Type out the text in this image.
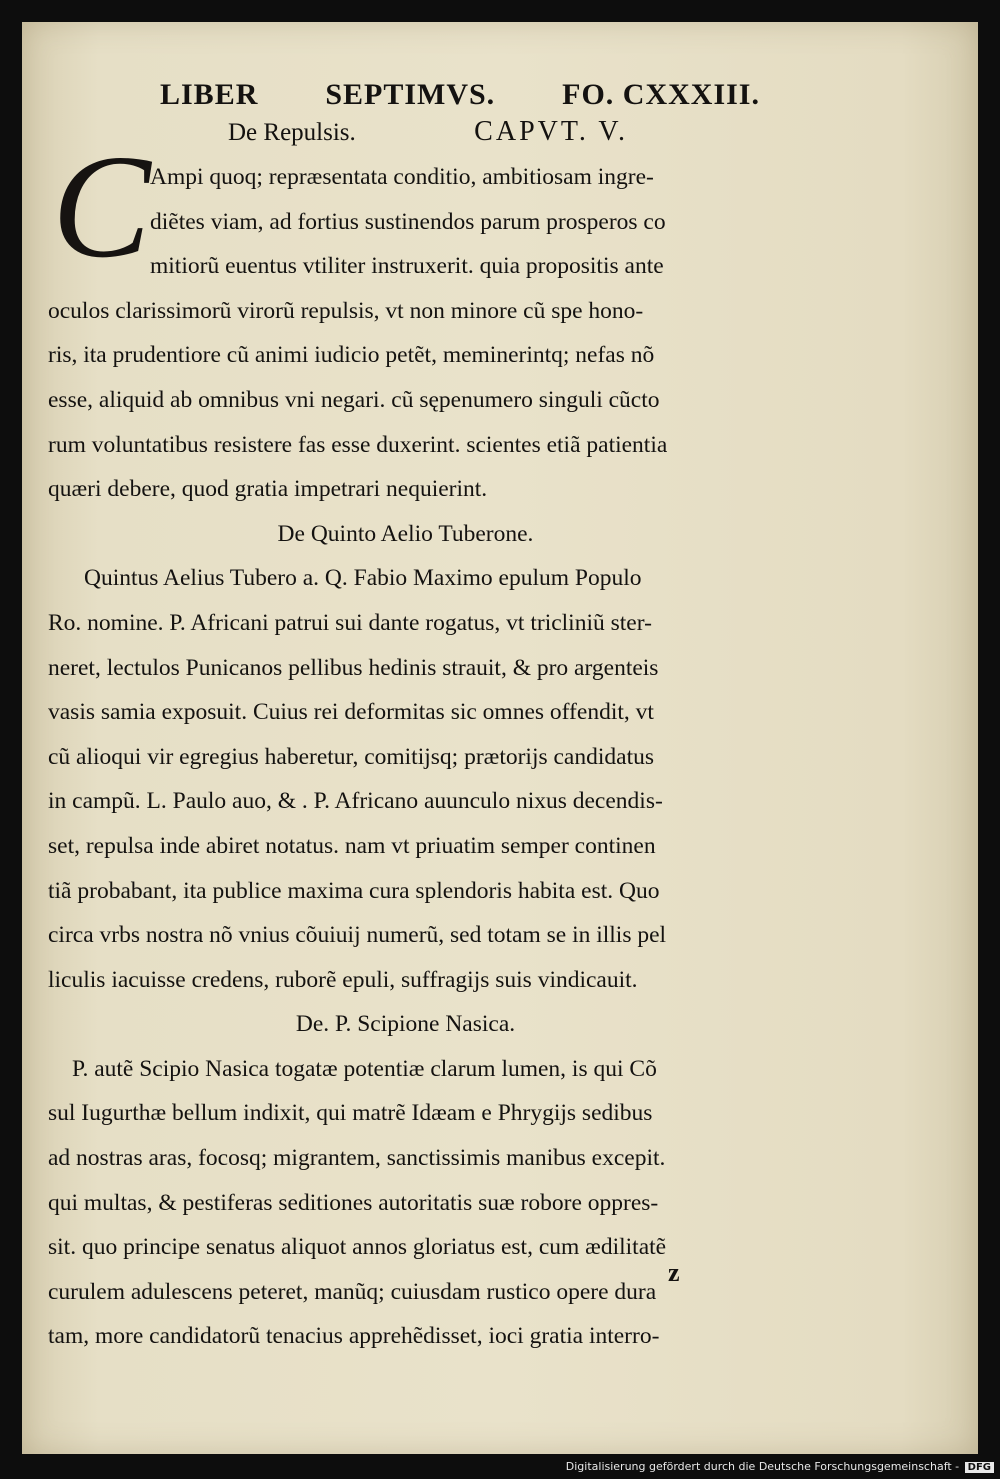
LIBER SEPTIMVS. FO. CXXXIII.
De Repulsis.	CAPVT. V.
C Ampi quoq; repræsentata conditio, ambitiosam ingre-
diẽtes viam, ad fortius sustinendos parum prosperos co
mitiorũ euentus vtiliter instruxerit. quia propositis ante
oculos clarissimorũ virorũ repulsis, vt non minore cũ spe hono-
ris, ita prudentiore cũ animi iudicio petẽt, meminerintq; nefas nõ
esse, aliquid ab omnibus vni negari. cũ sępenumero singuli cũcto
rum voluntatibus resistere fas esse duxerint. scientes etiã patientia
quæri debere, quod gratia impetrari nequierint.
De Quinto Aelio Tuberone.
Quintus Aelius Tubero a. Q. Fabio Maximo epulum Populo
Ro. nomine. P. Africani patrui sui dante rogatus, vt tricliniũ ster-
neret, lectulos Punicanos pellibus hedinis strauit, & pro argenteis
vasis samia exposuit. Cuius rei deformitas sic omnes offendit, vt
cũ alioqui vir egregius haberetur, comitijsq; prætorijs candidatus
in campũ. L. Paulo auo, & . P. Africano auunculo nixus decendis-
set, repulsa inde abiret notatus. nam vt priuatim semper continen
tiã probabant, ita publice maxima cura splendoris habita est. Quo
circa vrbs nostra nõ vnius cõuiuij numerũ, sed totam se in illis pel
liculis iacuisse credens, ruborẽ epuli, suffragijs suis vindicauit.
De. P. Scipione Nasica.
P. autẽ Scipio Nasica togatæ potentiæ clarum lumen, is qui Cõ
sul Iugurthæ bellum indixit, qui matrẽ Idæam e Phrygijs sedibus
ad nostras aras, focosq; migrantem, sanctissimis manibus excepit.
qui multas, & pestiferas seditiones autoritatis suæ robore oppres-
sit. quo principe senatus aliquot annos gloriatus est, cum ædilitatẽ
curulem adulescens peteret, manũq; cuiusdam rustico opere dura
tam, more candidatorũ tenacius apprehẽdisset, ioci gratia interro-
z
Digitalisierung gefördert durch die Deutsche Forschungsgemeinschaft - DFG
